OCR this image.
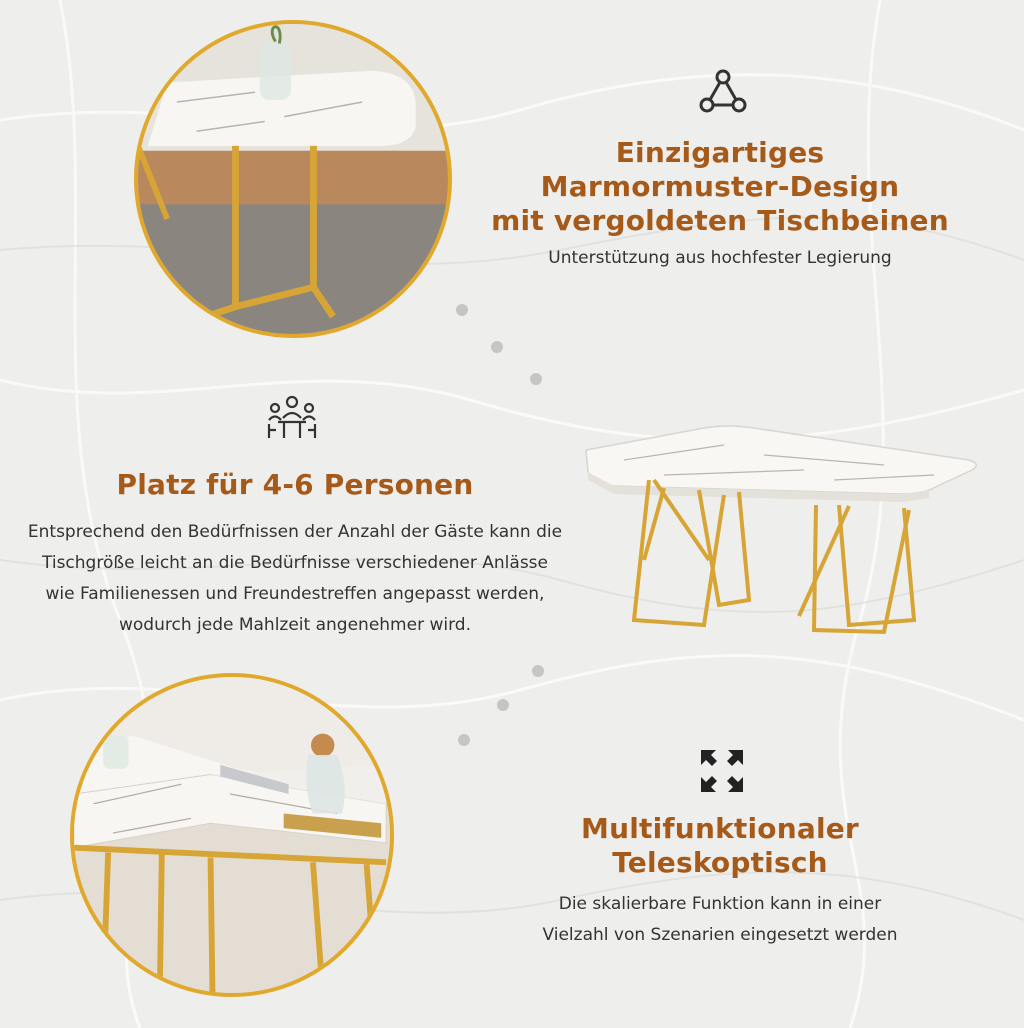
Einzigartiges
Marmormuster-Design
mit vergoldeten Tischbeinen
Unterstützung aus hochfester Legierung
Platz für 4-6 Personen
Entsprechend den Bedürfnissen der Anzahl der Gäste kann die
Tischgröße leicht an die Bedürfnisse verschiedener Anlässe
wie Familienessen und Freundestreffen angepasst werden,
wodurch jede Mahlzeit angenehmer wird.
Multifunktionaler
Teleskoptisch
Die skalierbare Funktion kann in einer
Vielzahl von Szenarien eingesetzt werden
